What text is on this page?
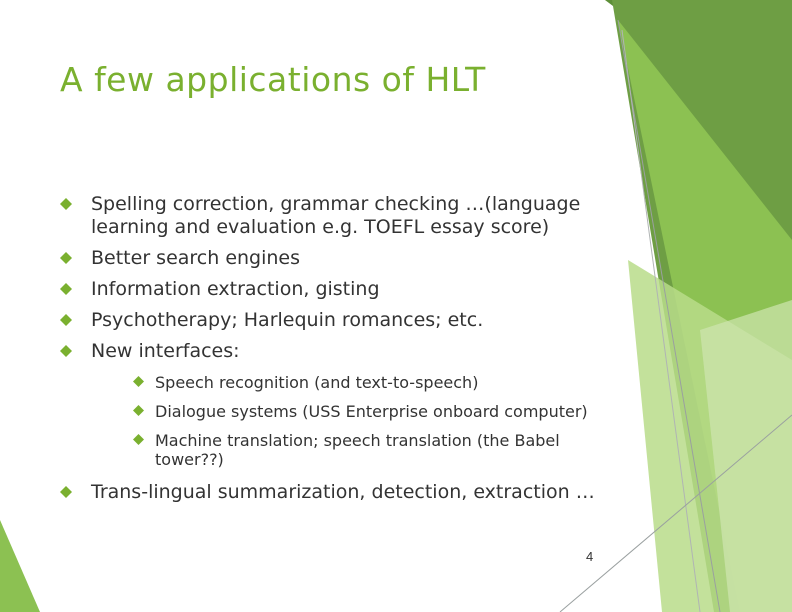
A few applications of HLT
Spelling correction, grammar checking …(language learning and evaluation e.g. TOEFL essay score)
Better search engines
Information extraction, gisting
Psychotherapy; Harlequin romances; etc.
New interfaces:
Speech recognition (and text-to-speech)
Dialogue systems (USS Enterprise onboard computer)
Machine translation; speech translation (the Babel tower??)
Trans-lingual summarization, detection, extraction …
4
